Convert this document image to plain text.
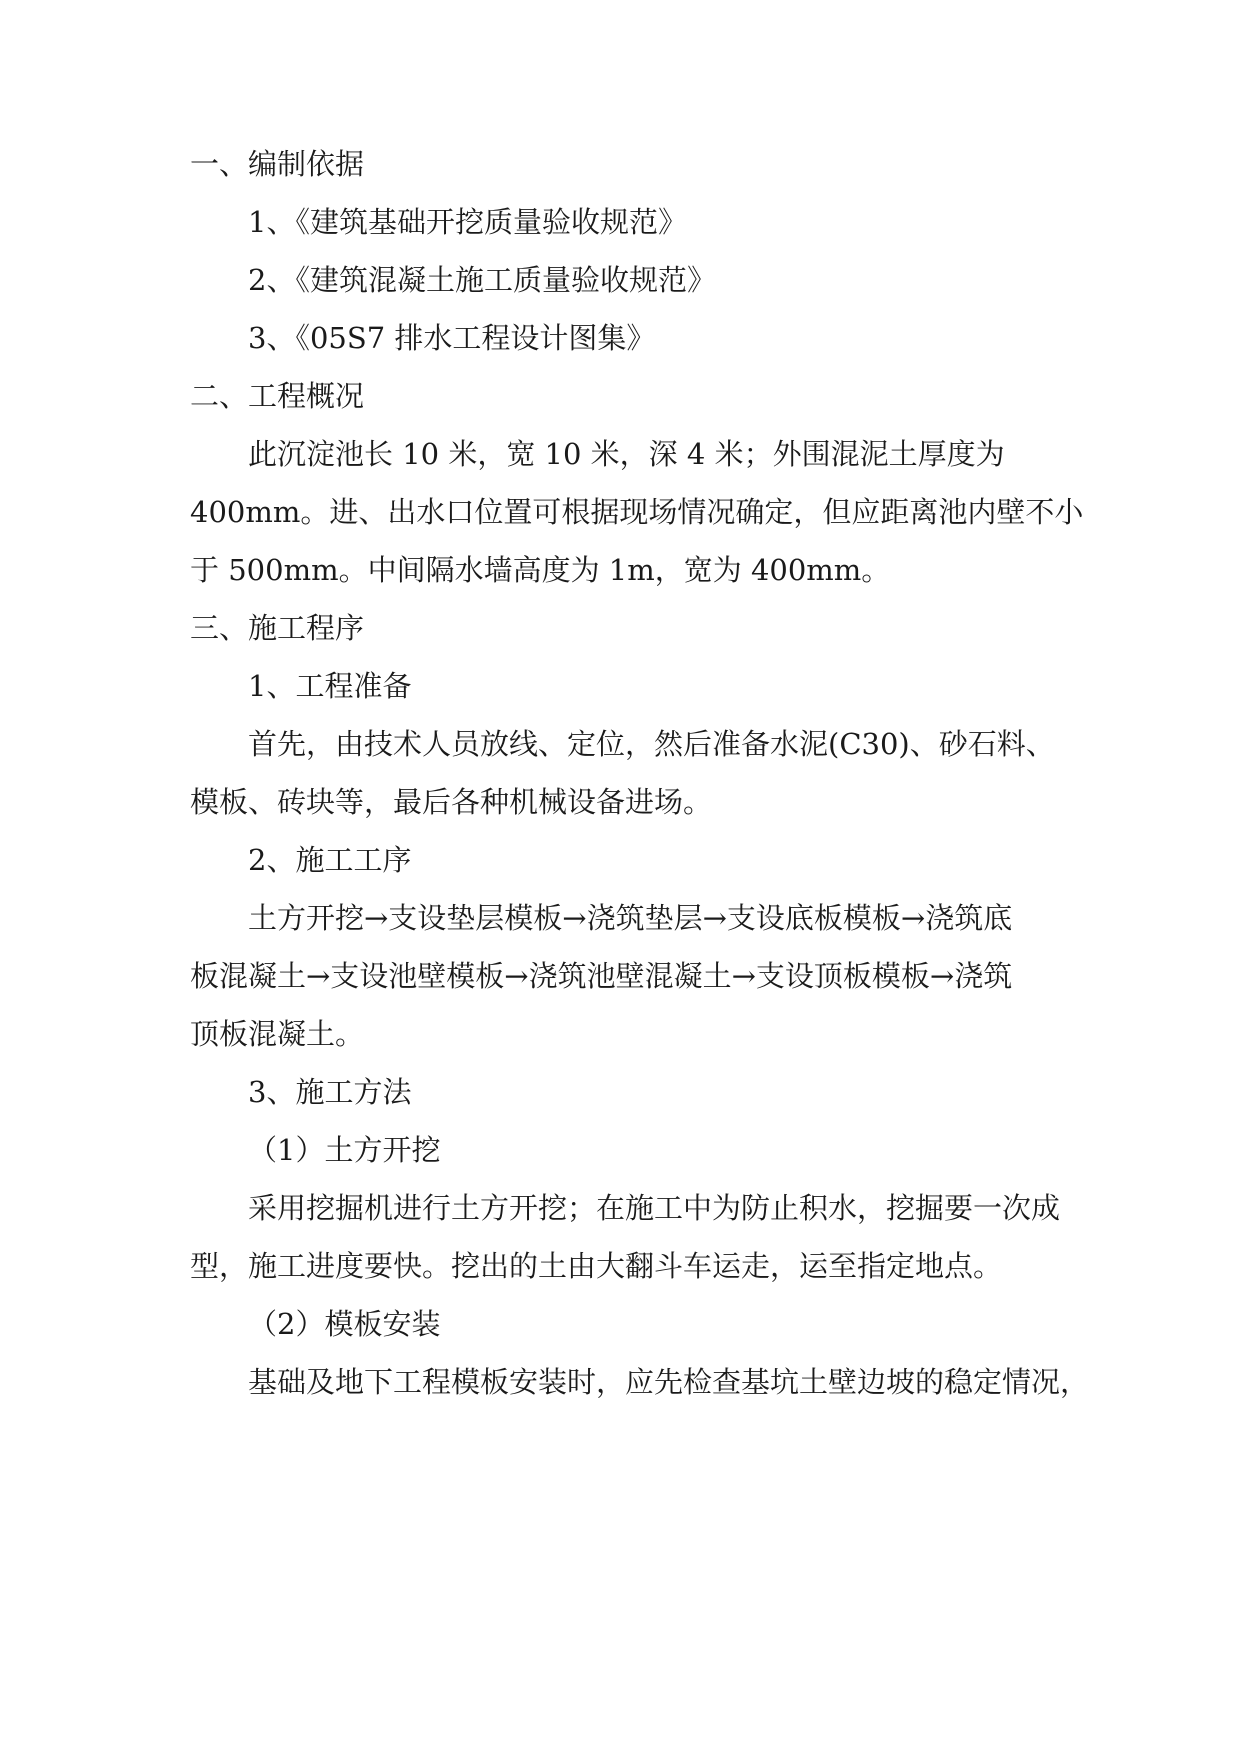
一、编制依据
1、《建筑基础开挖质量验收规范》
2、《建筑混凝土施工质量验收规范》
3、《05S7 排水工程设计图集》
二、工程概况
此沉淀池长 10 米，宽 10 米，深 4 米；外围混泥土厚度为
400mm。进、出水口位置可根据现场情况确定，但应距离池内壁不小
于 500mm。中间隔水墙高度为 1m，宽为 400mm。
三、施工程序
1、工程准备
首先，由技术人员放线、定位，然后准备水泥(C30)、砂石料、
模板、砖块等，最后各种机械设备进场。
2、施工工序
土方开挖→支设垫层模板→浇筑垫层→支设底板模板→浇筑底
板混凝土→支设池壁模板→浇筑池壁混凝土→支设顶板模板→浇筑
顶板混凝土。
3、施工方法
（1）土方开挖
采用挖掘机进行土方开挖；在施工中为防止积水，挖掘要一次成
型，施工进度要快。挖出的土由大翻斗车运走，运至指定地点。
（2）模板安装
基础及地下工程模板安装时，应先检查基坑土壁边坡的稳定情况，
